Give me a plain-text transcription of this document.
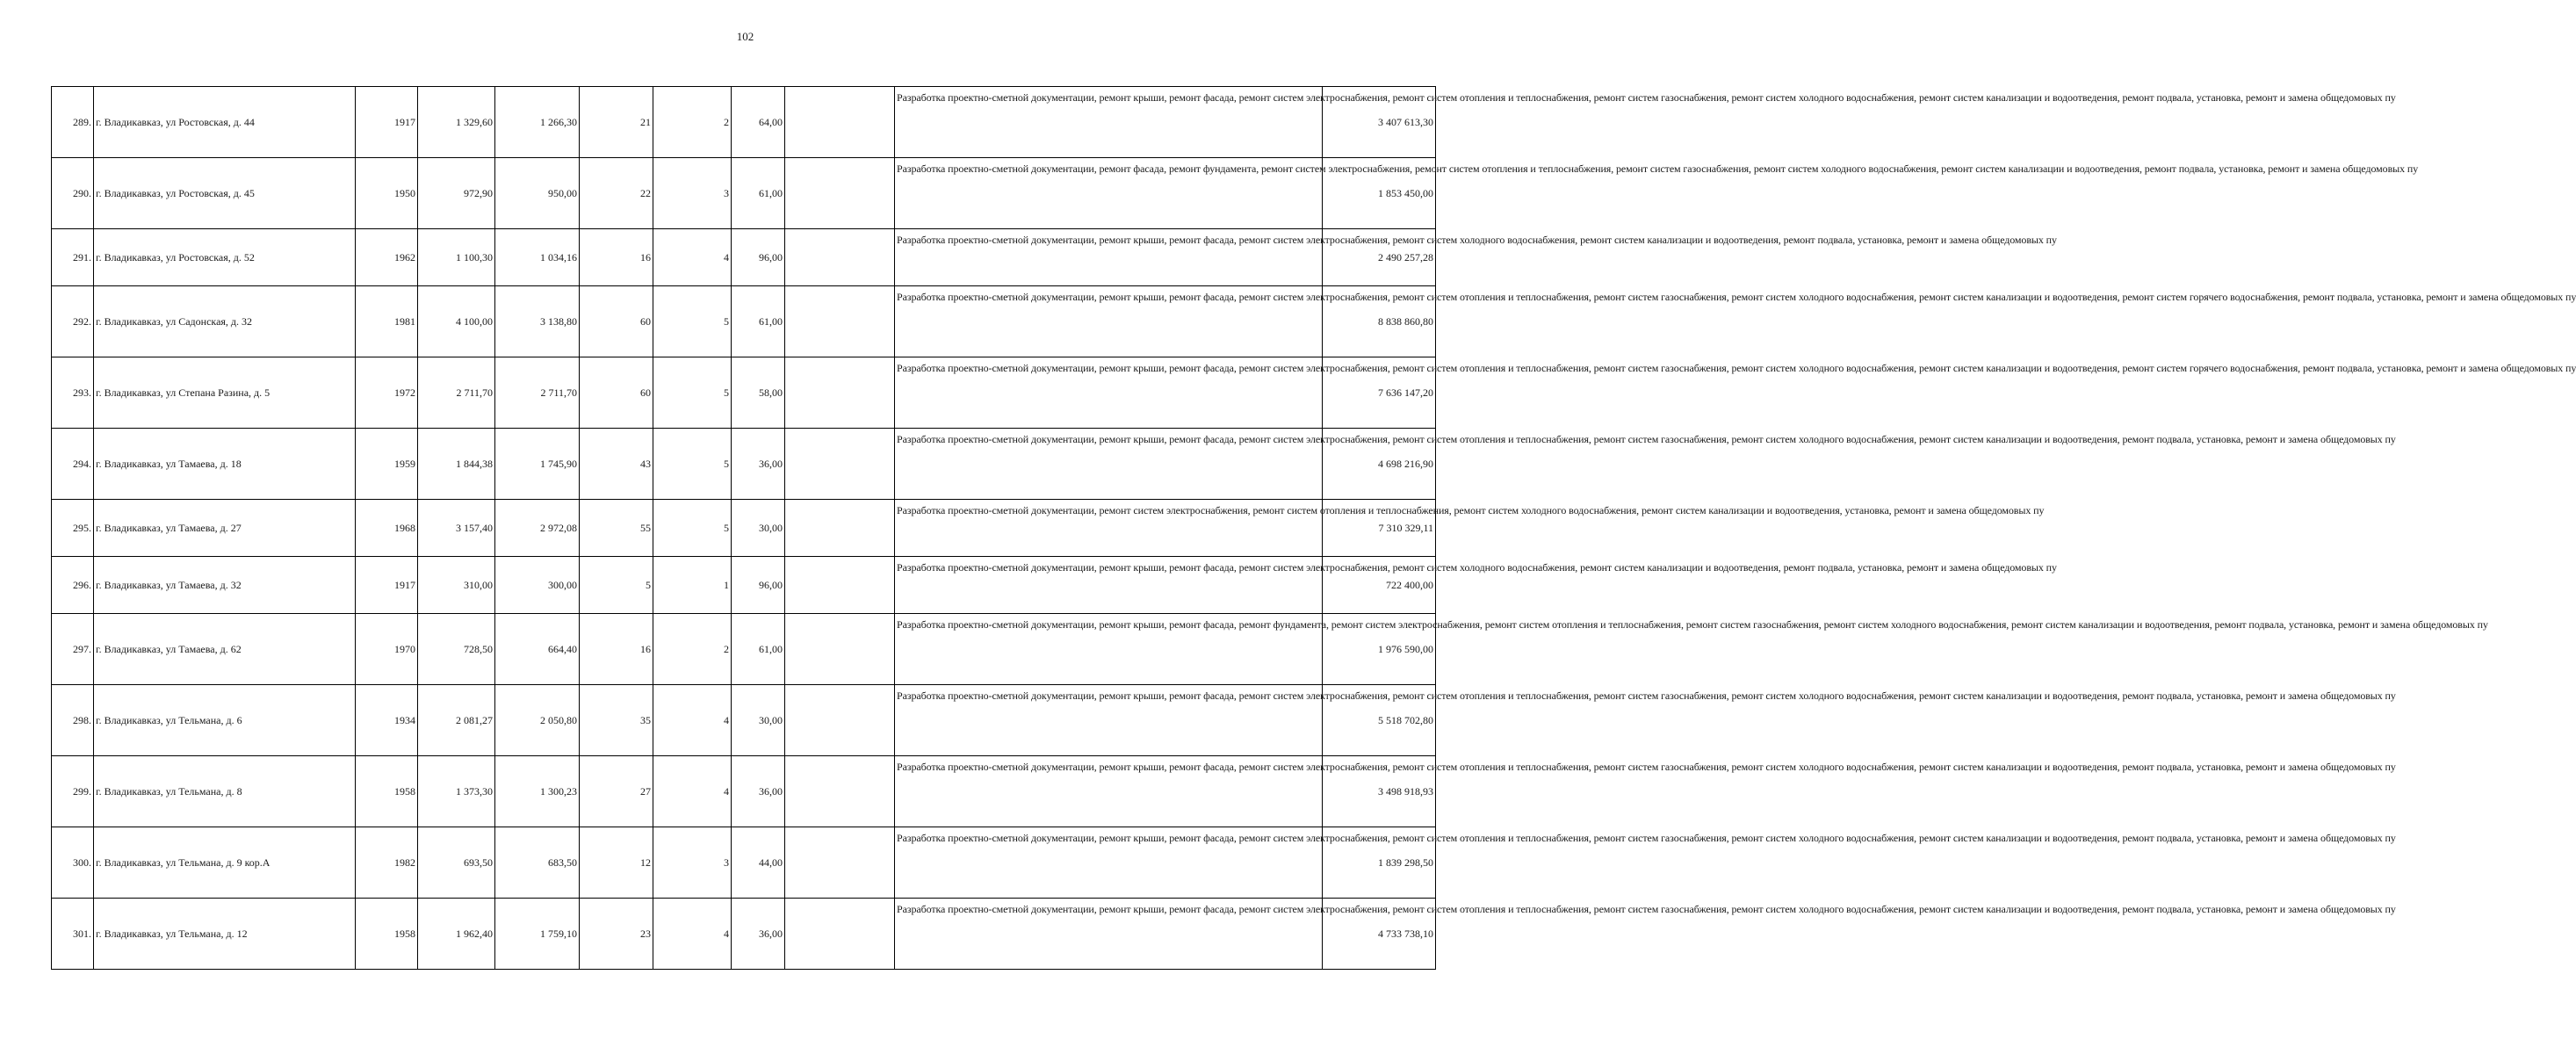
102
289.	г. Владикавказ, ул Ростовская, д. 44	1917	1 329,60	1 266,30	21	2	64,00		Разработка проектно-сметной документации, ремонт крыши, ремонт фасада, ремонт систем электроснабжения, ремонт систем отопления и теплоснабжения, ремонт систем газоснабжения, ремонт систем холодного водоснабжения, ремонт систем канализации и водоотведения, ремонт подвала, установка, ремонт и замена общедомовых пу	3 407 613,30
290.	г. Владикавказ, ул Ростовская, д. 45	1950	972,90	950,00	22	3	61,00		Разработка проектно-сметной документации, ремонт фасада, ремонт фундамента, ремонт систем электроснабжения, ремонт систем отопления и теплоснабжения, ремонт систем газоснабжения, ремонт систем холодного водоснабжения, ремонт систем канализации и водоотведения, ремонт подвала, установка, ремонт и замена общедомовых пу	1 853 450,00
291.	г. Владикавказ, ул Ростовская, д. 52	1962	1 100,30	1 034,16	16	4	96,00		Разработка проектно-сметной документации, ремонт крыши, ремонт фасада, ремонт систем электроснабжения, ремонт систем холодного водоснабжения, ремонт систем канализации и водоотведения, ремонт подвала, установка, ремонт и замена общедомовых пу	2 490 257,28
292.	г. Владикавказ, ул Садонская, д. 32	1981	4 100,00	3 138,80	60	5	61,00		Разработка проектно-сметной документации, ремонт крыши, ремонт фасада, ремонт систем электроснабжения, ремонт систем отопления и теплоснабжения, ремонт систем газоснабжения, ремонт систем холодного водоснабжения, ремонт систем канализации и водоотведения, ремонт систем горячего водоснабжения, ремонт подвала, установка, ремонт и замена общедомовых пу	8 838 860,80
293.	г. Владикавказ, ул Степана Разина, д. 5	1972	2 711,70	2 711,70	60	5	58,00		Разработка проектно-сметной документации, ремонт крыши, ремонт фасада, ремонт систем электроснабжения, ремонт систем отопления и теплоснабжения, ремонт систем газоснабжения, ремонт систем холодного водоснабжения, ремонт систем канализации и водоотведения, ремонт систем горячего водоснабжения, ремонт подвала, установка, ремонт и замена общедомовых пу	7 636 147,20
294.	г. Владикавказ, ул Тамаева, д. 18	1959	1 844,38	1 745,90	43	5	36,00		Разработка проектно-сметной документации, ремонт крыши, ремонт фасада, ремонт систем электроснабжения, ремонт систем отопления и теплоснабжения, ремонт систем газоснабжения, ремонт систем холодного водоснабжения, ремонт систем канализации и водоотведения, ремонт подвала, установка, ремонт и замена общедомовых пу	4 698 216,90
295.	г. Владикавказ, ул Тамаева, д. 27	1968	3 157,40	2 972,08	55	5	30,00		Разработка проектно-сметной документации, ремонт систем электроснабжения, ремонт систем отопления и теплоснабжения, ремонт систем холодного водоснабжения, ремонт систем канализации и водоотведения, установка, ремонт и замена общедомовых пу	7 310 329,11
296.	г. Владикавказ, ул Тамаева, д. 32	1917	310,00	300,00	5	1	96,00		Разработка проектно-сметной документации, ремонт крыши, ремонт фасада, ремонт систем электроснабжения, ремонт систем холодного водоснабжения, ремонт систем канализации и водоотведения, ремонт подвала, установка, ремонт и замена общедомовых пу	722 400,00
297.	г. Владикавказ, ул Тамаева, д. 62	1970	728,50	664,40	16	2	61,00		Разработка проектно-сметной документации, ремонт крыши, ремонт фасада, ремонт фундамента, ремонт систем электроснабжения, ремонт систем отопления и теплоснабжения, ремонт систем газоснабжения, ремонт систем холодного водоснабжения, ремонт систем канализации и водоотведения, ремонт подвала, установка, ремонт и замена общедомовых пу	1 976 590,00
298.	г. Владикавказ, ул Тельмана, д. 6	1934	2 081,27	2 050,80	35	4	30,00		Разработка проектно-сметной документации, ремонт крыши, ремонт фасада, ремонт систем электроснабжения, ремонт систем отопления и теплоснабжения, ремонт систем газоснабжения, ремонт систем холодного водоснабжения, ремонт систем канализации и водоотведения, ремонт подвала, установка, ремонт и замена общедомовых пу	5 518 702,80
299.	г. Владикавказ, ул Тельмана, д. 8	1958	1 373,30	1 300,23	27	4	36,00		Разработка проектно-сметной документации, ремонт крыши, ремонт фасада, ремонт систем электроснабжения, ремонт систем отопления и теплоснабжения, ремонт систем газоснабжения, ремонт систем холодного водоснабжения, ремонт систем канализации и водоотведения, ремонт подвала, установка, ремонт и замена общедомовых пу	3 498 918,93
300.	г. Владикавказ, ул Тельмана, д. 9 кор.А	1982	693,50	683,50	12	3	44,00		Разработка проектно-сметной документации, ремонт крыши, ремонт фасада, ремонт систем электроснабжения, ремонт систем отопления и теплоснабжения, ремонт систем газоснабжения, ремонт систем холодного водоснабжения, ремонт систем канализации и водоотведения, ремонт подвала, установка, ремонт и замена общедомовых пу	1 839 298,50
301.	г. Владикавказ, ул Тельмана, д. 12	1958	1 962,40	1 759,10	23	4	36,00		Разработка проектно-сметной документации, ремонт крыши, ремонт фасада, ремонт систем электроснабжения, ремонт систем отопления и теплоснабжения, ремонт систем газоснабжения, ремонт систем холодного водоснабжения, ремонт систем канализации и водоотведения, ремонт подвала, установка, ремонт и замена общедомовых пу	4 733 738,10
